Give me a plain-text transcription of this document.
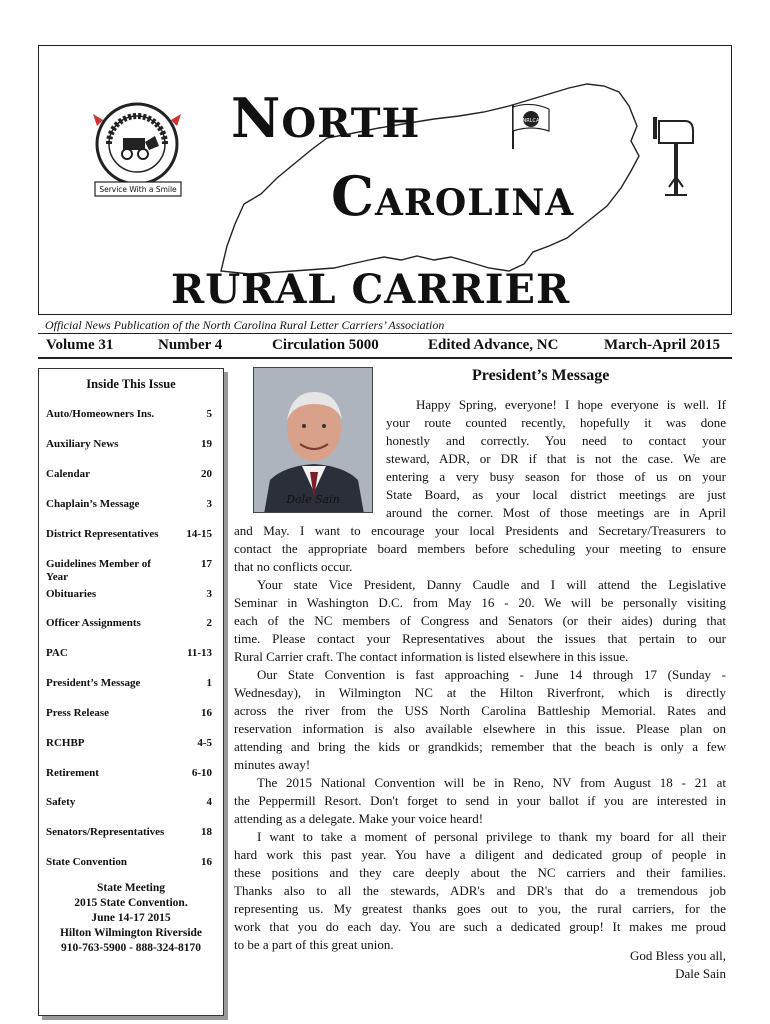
Service With a Smile
NORTH
CAROLINA
RURAL CARRIER
NRLCA
Official News Publication of the North Carolina Rural Letter Carriers’ Association
Volume 31	Number 4	Circulation 5000	Edited Advance, NC	March-April 2015
Inside This Issue
Auto/Homeowners Ins.	5
Auxiliary News	19
Calendar	20
Chaplain’s Message	3
District Representatives	14-15
Guidelines Member of Year
17
Obituaries	3
Officer Assignments	2
PAC	11-13
President’s Message	1
Press Release	16
RCHBP	4-5
Retirement	6-10
Safety	4
Senators/Representatives	18
State Convention	16
State Meeting
2015 State Convention.
June 14-17 2015
Hilton Wilmington Riverside
910-763-5900 - 888-324-8170
Dale Sain
President’s Message
Happy Spring, everyone! I hope everyone is well. If
your route counted recently, hopefully it was done
honestly and correctly. You need to contact your
steward, ADR, or DR if that is not the case. We are
entering a very busy season for those of us on your
State Board, as your local district meetings are just
around the corner. Most of those meetings are in April
and May. I want to encourage your local Presidents and Secretary/Treasurers to
contact the appropriate board members before scheduling your meeting to ensure
that no conflicts occur.
Your state Vice President, Danny Caudle and I will attend the Legislative
Seminar in Washington D.C. from May 16 - 20. We will be personally visiting
each of the NC members of Congress and Senators (or their aides) during that
time. Please contact your Representatives about the issues that pertain to our
Rural Carrier craft. The contact information is listed elsewhere in this issue.
Our State Convention is fast approaching - June 14 through 17 (Sunday -
Wednesday), in Wilmington NC at the Hilton Riverfront, which is directly
across the river from the USS North Carolina Battleship Memorial. Rates and
reservation information is also available elsewhere in this issue. Please plan on
attending and bring the kids or grandkids; remember that the beach is only a few
minutes away!
The 2015 National Convention will be in Reno, NV from August 18 - 21 at
the Peppermill Resort. Don't forget to send in your ballot if you are interested in
attending as a delegate. Make your voice heard!
I want to take a moment of personal privilege to thank my board for all their
hard work this past year. You have a diligent and dedicated group of people in
these positions and they care deeply about the NC carriers and their families.
Thanks also to all the stewards, ADR's and DR's that do a tremendous job
representing us. My greatest thanks goes out to you, the rural carriers, for the
work that you do each day. You are such a dedicated group! It makes me proud
to be a part of this great union.
God Bless you all,
Dale Sain
